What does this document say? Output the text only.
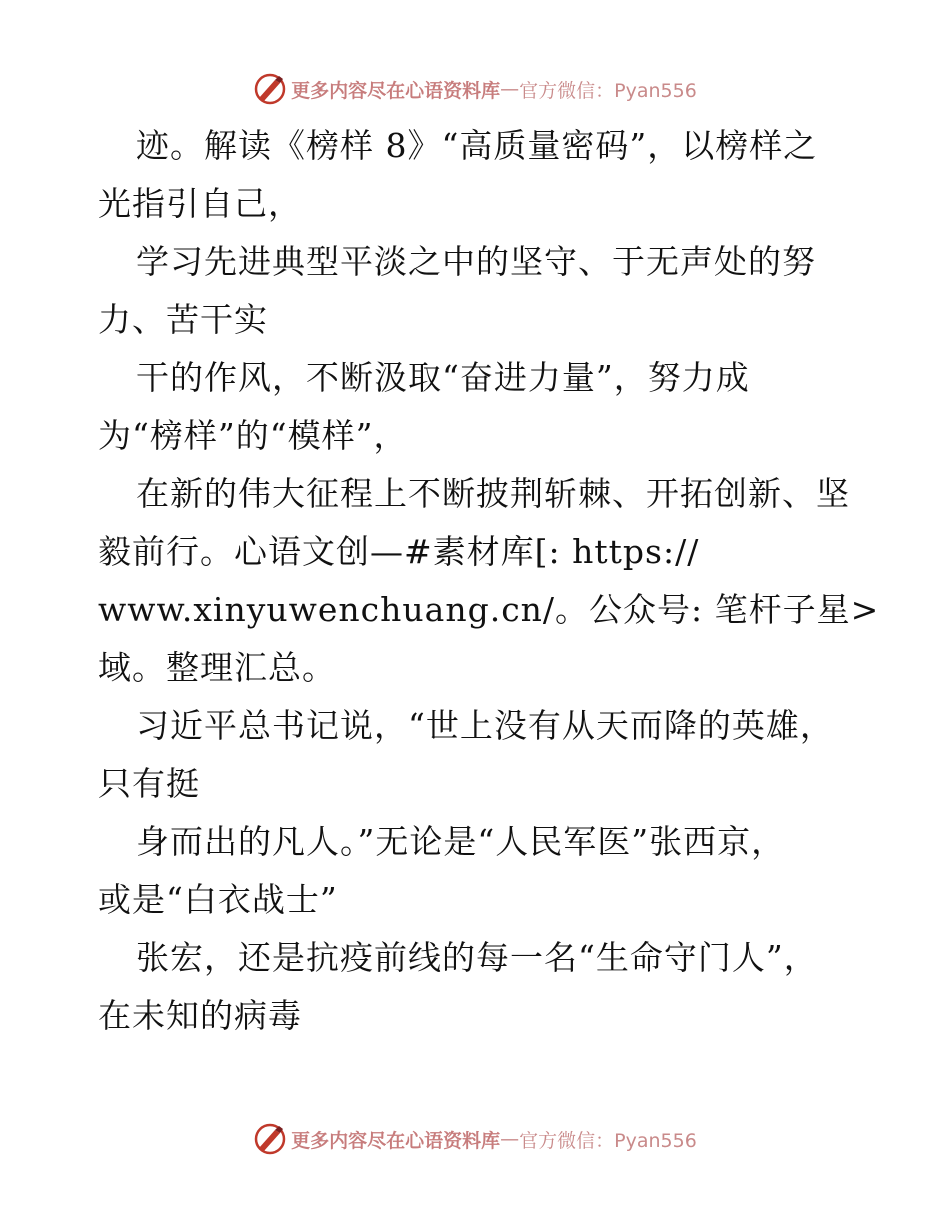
更多内容尽在心语资料库 — 官方微信：Pyan556
迹。解读《榜样 8》“高质量密码”，以榜样之
光指引自己，
学习先进典型平淡之中的坚守、于无声处的努
力、苦干实
干的作风，不断汲取“奋进力量”，努力成
为“榜样”的“模样”，
在新的伟大征程上不断披荆斩棘、开拓创新、坚
毅前行。心语文创—#素材库[: https://
www.xinyuwenchuang.cn/。公众号: 笔杆子星>
域。整理汇总。
习近平总书记说，“世上没有从天而降的英雄，
只有挺
身而出的凡人。”无论是“人民军医”张西京，
或是“白衣战士”
张宏，还是抗疫前线的每一名“生命守门人”，
在未知的病毒
更多内容尽在心语资料库 — 官方微信：Pyan556
